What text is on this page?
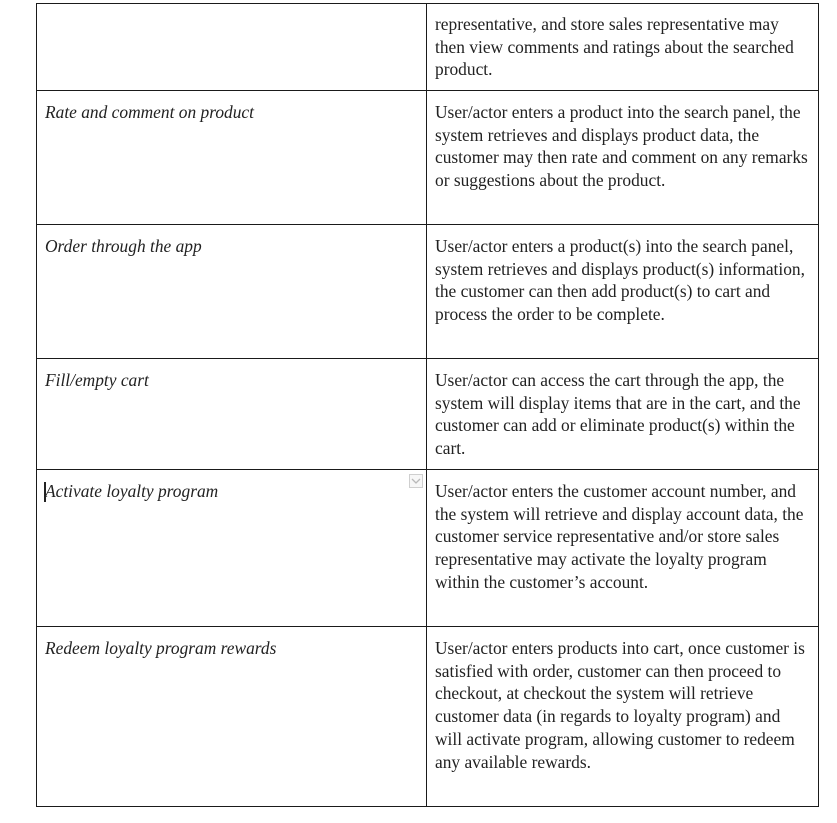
	representative, and store sales representative may then view comments and ratings about the searched product.
Rate and comment on product	User/actor enters a product into the search panel, the system retrieves and displays product data, the customer may then rate and comment on any remarks or suggestions about the product.
Order through the app	User/actor enters a product(s) into the search panel, system retrieves and displays product(s) information, the customer can then add product(s) to cart and process the order to be complete.
Fill/empty cart	User/actor can access the cart through the app, the system will display items that are in the cart, and the customer can add or eliminate product(s) within the cart.

Activate loyalty program	User/actor enters the customer account number, and the system will retrieve and display account data, the customer service representative and/or store sales representative may activate the loyalty program within the customer’s account.
Redeem loyalty program rewards	User/actor enters products into cart, once customer is satisfied with order, customer can then proceed to checkout, at checkout the system will retrieve customer data (in regards to loyalty program) and will activate program, allowing customer to redeem any available rewards.
